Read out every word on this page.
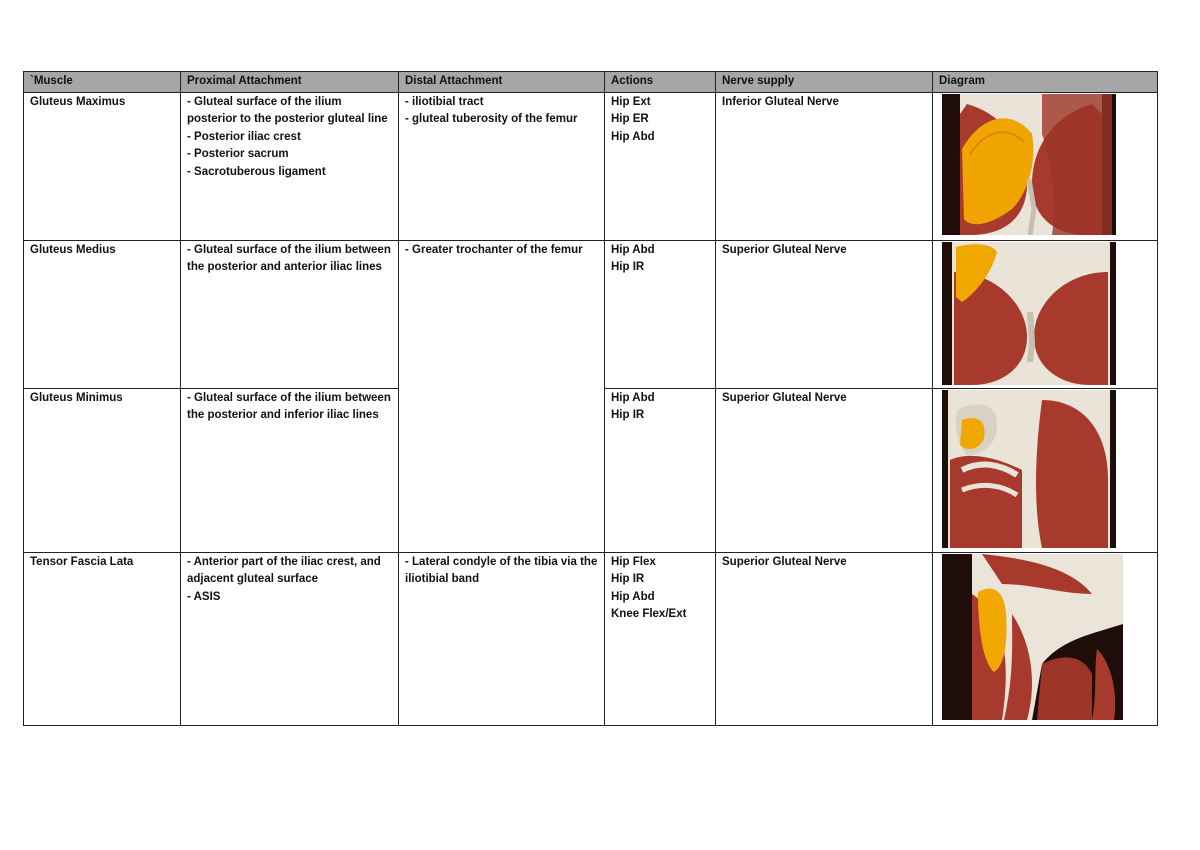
`Muscle	Proximal Attachment	Distal Attachment	Actions	Nerve supply	Diagram
Gluteus Maximus	- Gluteal surface of the ilium posterior to the posterior gluteal line
- Posterior iliac crest
- Posterior sacrum
- Sacrotuberous ligament	- iliotibial tract
- gluteal tuberosity of the femur	Hip Ext
Hip ER
Hip Abd	Inferior Gluteal Nerve	

Gluteus Medius	- Gluteal surface of the ilium between the posterior and anterior iliac lines	- Greater trochanter of the femur	Hip Abd
Hip IR	Superior Gluteal Nerve	

Gluteus Minimus	- Gluteal surface of the ilium between the posterior and inferior iliac lines		Hip Abd
Hip IR	Superior Gluteal Nerve	

Tensor Fascia Lata	- Anterior part of the iliac crest, and adjacent gluteal surface
- ASIS	- Lateral condyle of the tibia via the iliotibial band	Hip Flex
Hip IR
Hip Abd
Knee Flex/Ext	Superior Gluteal Nerve	
